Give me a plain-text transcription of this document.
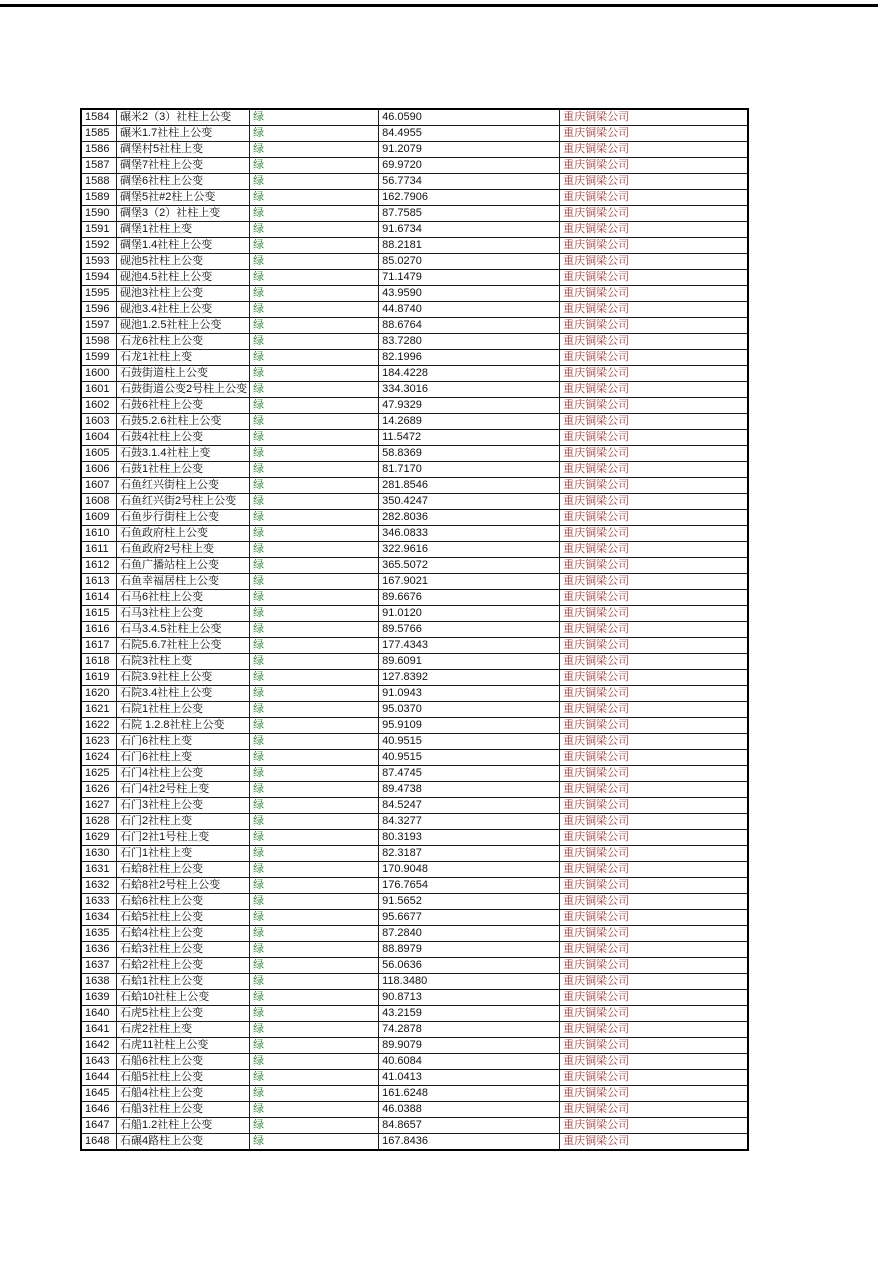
1584	碾米2（3）社柱上公变	绿	46.0590	重庆铜梁公司
1585	碾米1.7社柱上公变	绿	84.4955	重庆铜梁公司
1586	碉堡村5社柱上变	绿	91.2079	重庆铜梁公司
1587	碉堡7社柱上公变	绿	69.9720	重庆铜梁公司
1588	碉堡6社柱上公变	绿	56.7734	重庆铜梁公司
1589	碉堡5社#2柱上公变	绿	162.7906	重庆铜梁公司
1590	碉堡3（2）社柱上变	绿	87.7585	重庆铜梁公司
1591	碉堡1社柱上变	绿	91.6734	重庆铜梁公司
1592	碉堡1.4社柱上公变	绿	88.2181	重庆铜梁公司
1593	砚池5社柱上公变	绿	85.0270	重庆铜梁公司
1594	砚池4.5社柱上公变	绿	71.1479	重庆铜梁公司
1595	砚池3社柱上公变	绿	43.9590	重庆铜梁公司
1596	砚池3.4社柱上公变	绿	44.8740	重庆铜梁公司
1597	砚池1.2.5社柱上公变	绿	88.6764	重庆铜梁公司
1598	石龙6社柱上公变	绿	83.7280	重庆铜梁公司
1599	石龙1社柱上变	绿	82.1996	重庆铜梁公司
1600	石鼓街道柱上公变	绿	184.4228	重庆铜梁公司
1601	石鼓街道公变2号柱上公变	绿	334.3016	重庆铜梁公司
1602	石鼓6社柱上公变	绿	47.9329	重庆铜梁公司
1603	石鼓5.2.6社柱上公变	绿	14.2689	重庆铜梁公司
1604	石鼓4社柱上公变	绿	11.5472	重庆铜梁公司
1605	石鼓3.1.4社柱上变	绿	58.8369	重庆铜梁公司
1606	石鼓1社柱上公变	绿	81.7170	重庆铜梁公司
1607	石鱼红兴街柱上公变	绿	281.8546	重庆铜梁公司
1608	石鱼红兴街2号柱上公变	绿	350.4247	重庆铜梁公司
1609	石鱼步行街柱上公变	绿	282.8036	重庆铜梁公司
1610	石鱼政府柱上公变	绿	346.0833	重庆铜梁公司
1611	石鱼政府2号柱上变	绿	322.9616	重庆铜梁公司
1612	石鱼广播站柱上公变	绿	365.5072	重庆铜梁公司
1613	石鱼幸福居柱上公变	绿	167.9021	重庆铜梁公司
1614	石马6社柱上公变	绿	89.6676	重庆铜梁公司
1615	石马3社柱上公变	绿	91.0120	重庆铜梁公司
1616	石马3.4.5社柱上公变	绿	89.5766	重庆铜梁公司
1617	石院5.6.7社柱上公变	绿	177.4343	重庆铜梁公司
1618	石院3社柱上变	绿	89.6091	重庆铜梁公司
1619	石院3.9社柱上公变	绿	127.8392	重庆铜梁公司
1620	石院3.4社柱上公变	绿	91.0943	重庆铜梁公司
1621	石院1社柱上公变	绿	95.0370	重庆铜梁公司
1622	石院 1.2.8社柱上公变	绿	95.9109	重庆铜梁公司
1623	石门6社柱上变	绿	40.9515	重庆铜梁公司
1624	石门6社柱上变	绿	40.9515	重庆铜梁公司
1625	石门4社柱上公变	绿	87.4745	重庆铜梁公司
1626	石门4社2号柱上变	绿	89.4738	重庆铜梁公司
1627	石门3社柱上公变	绿	84.5247	重庆铜梁公司
1628	石门2社柱上变	绿	84.3277	重庆铜梁公司
1629	石门2社1号柱上变	绿	80.3193	重庆铜梁公司
1630	石门1社柱上变	绿	82.3187	重庆铜梁公司
1631	石蛤8社柱上公变	绿	170.9048	重庆铜梁公司
1632	石蛤8社2号柱上公变	绿	176.7654	重庆铜梁公司
1633	石蛤6社柱上公变	绿	91.5652	重庆铜梁公司
1634	石蛤5社柱上公变	绿	95.6677	重庆铜梁公司
1635	石蛤4社柱上公变	绿	87.2840	重庆铜梁公司
1636	石蛤3社柱上公变	绿	88.8979	重庆铜梁公司
1637	石蛤2社柱上公变	绿	56.0636	重庆铜梁公司
1638	石蛤1社柱上公变	绿	118.3480	重庆铜梁公司
1639	石蛤10社柱上公变	绿	90.8713	重庆铜梁公司
1640	石虎5社柱上公变	绿	43.2159	重庆铜梁公司
1641	石虎2社柱上变	绿	74.2878	重庆铜梁公司
1642	石虎11社柱上公变	绿	89.9079	重庆铜梁公司
1643	石船6社柱上公变	绿	40.6084	重庆铜梁公司
1644	石船5社柱上公变	绿	41.0413	重庆铜梁公司
1645	石船4社柱上公变	绿	161.6248	重庆铜梁公司
1646	石船3社柱上公变	绿	46.0388	重庆铜梁公司
1647	石船1.2社柱上公变	绿	84.8657	重庆铜梁公司
1648	石碾4路柱上公变	绿	167.8436	重庆铜梁公司
